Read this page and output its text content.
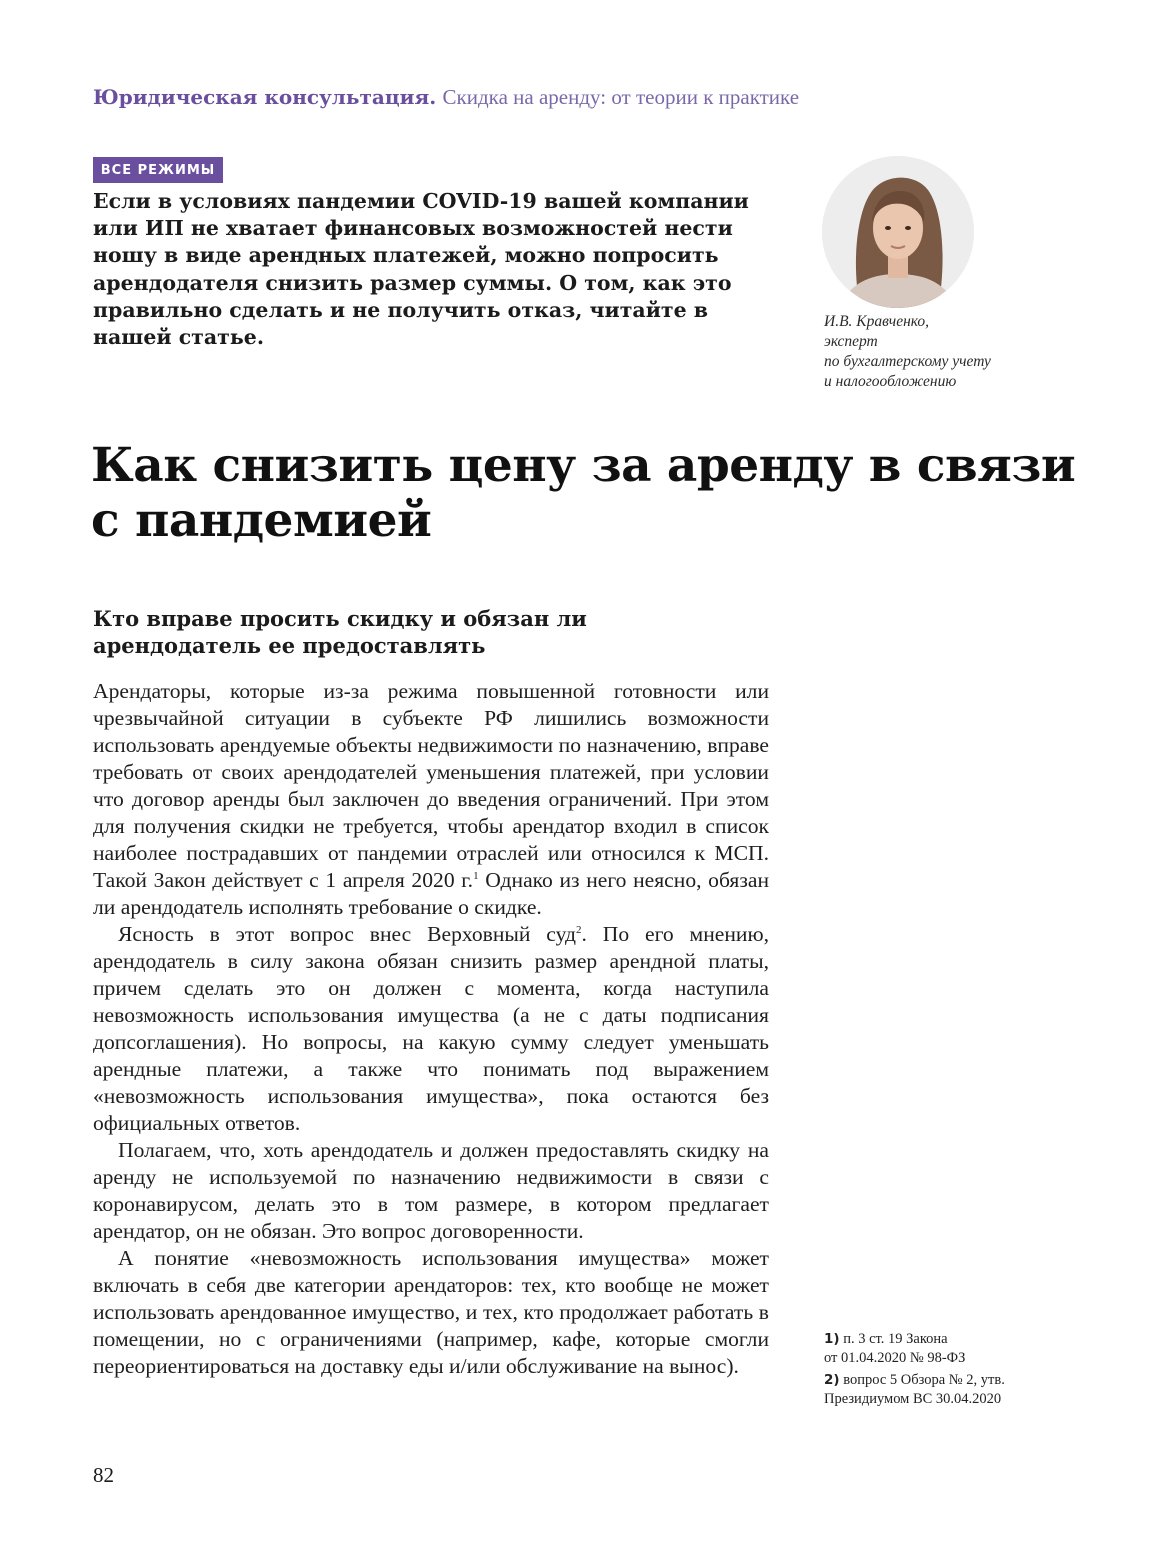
Юридическая консультация. Скидка на аренду: от теории к практике
ВСЕ РЕЖИМЫ

Если в условиях пандемии COVID-19 вашей компании или ИП не хватает финансовых возможностей нести ношу в виде арендных платежей, можно попросить арендодателя снизить размер суммы. О том, как это правильно сделать и не получить отказ, читайте в нашей статье.

И.В. Кравченко,
эксперт
по бухгалтерскому учету
и налогообложению
Как снизить цену за аренду в связи с пандемией
Кто вправе просить скидку и обязан ли арендодатель ее предоставлять

Арендаторы, которые из-за режима повышенной готовности или чрезвычайной ситуации в субъекте РФ лишились возможности использовать арендуемые объекты недвижимости по назначению, вправе требовать от своих арендодателей уменьшения платежей, при условии что договор аренды был заключен до введения ограничений. При этом для получения скидки не требуется, чтобы арендатор входил в список наиболее пострадавших от пандемии отраслей или относился к МСП. Такой Закон действует с 1 апреля 2020 г.$^1$ Однако из него неясно, обязан ли арендодатель исполнять требование о скидке.

Ясность в этот вопрос внес Верховный суд$^2$. По его мнению, арендодатель в силу закона обязан снизить размер арендной платы, причем сделать это он должен с момента, когда наступила невозможность использования имущества (а не с даты подписания допсоглашения). Но вопросы, на какую сумму следует уменьшать арендные платежи, а также что понимать под выражением «невозможность использования имущества», пока остаются без официальных ответов.

Полагаем, что, хоть арендодатель и должен предоставлять скидку на аренду не используемой по назначению недвижимости в связи с коронавирусом, делать это в том размере, в котором предлагает арендатор, он не обязан. Это вопрос договоренности.

А понятие «невозможность использования имущества» может включать в себя две категории арендаторов: тех, кто вообще не может использовать арендованное имущество, и тех, кто продолжает работать в помещении, но с ограничениями (например, кафе, которые смогли переориентироваться на доставку еды и/или обслуживание на вынос).

1) п. 3 ст. 19 Закона
от 01.04.2020 № 98-ФЗ
2) вопрос 5 Обзора № 2, утв.
Президиумом ВС 30.04.2020
82
